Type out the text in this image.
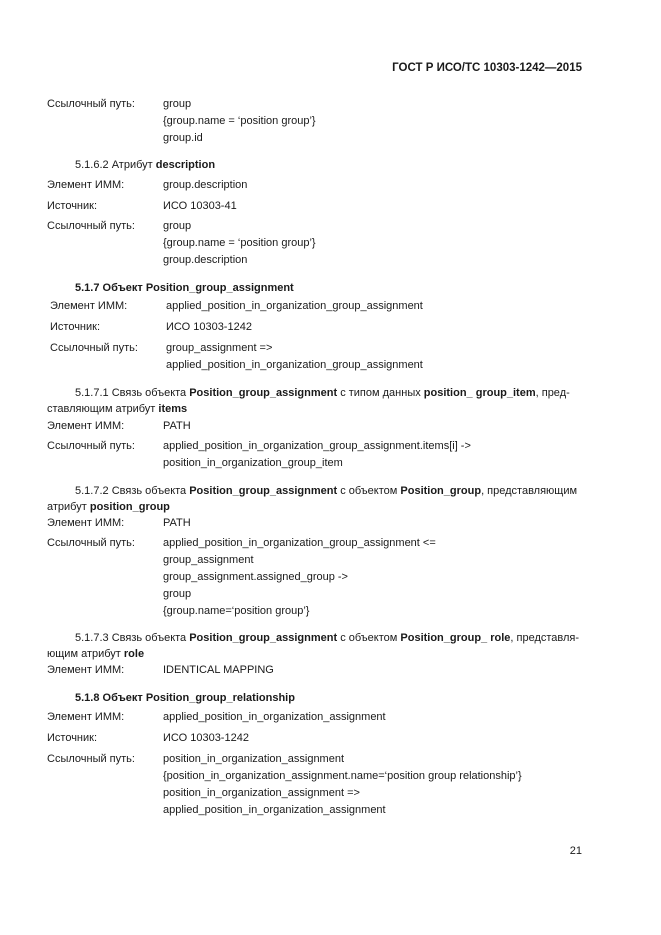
ГОСТ Р ИСО/ТС 10303-1242—2015
Ссылочный путь:	group
{group.name = ‘position group’}
group.id
5.1.6.2 Атрибут description
Элемент ИММ:	group.description
Источник:	ИСО 10303-41
Ссылочный путь:	group
{group.name = ‘position group’}
group.description
5.1.7 Объект Position_group_assignment
Элемент ИММ:	applied_position_in_organization_group_assignment
Источник:	ИСО 10303-1242
Ссылочный путь:	group_assignment =>
applied_position_in_organization_group_assignment
5.1.7.1 Связь объекта Position_group_assignment с типом данных position_ group_item, пред-ставляющим атрибут items
Элемент ИММ:	PATH
Ссылочный путь:	applied_position_in_organization_group_assignment.items[i] ->
position_in_organization_group_item
5.1.7.2 Связь объекта Position_group_assignment с объектом Position_group, представляющим атрибут position_group
Элемент ИММ:	PATH
Ссылочный путь:	applied_position_in_organization_group_assignment <=
group_assignment
group_assignment.assigned_group ->
group
{group.name=‘position group’}
5.1.7.3 Связь объекта Position_group_assignment с объектом Position_group_ role, представля-ющим атрибут role
Элемент ИММ:	IDENTICAL MAPPING
5.1.8 Объект Position_group_relationship
Элемент ИММ:	applied_position_in_organization_assignment
Источник:	ИСО 10303-1242
Ссылочный путь:	position_in_organization_assignment
{position_in_organization_assignment.name=‘position group relationship’}
position_in_organization_assignment =>
applied_position_in_organization_assignment
21
